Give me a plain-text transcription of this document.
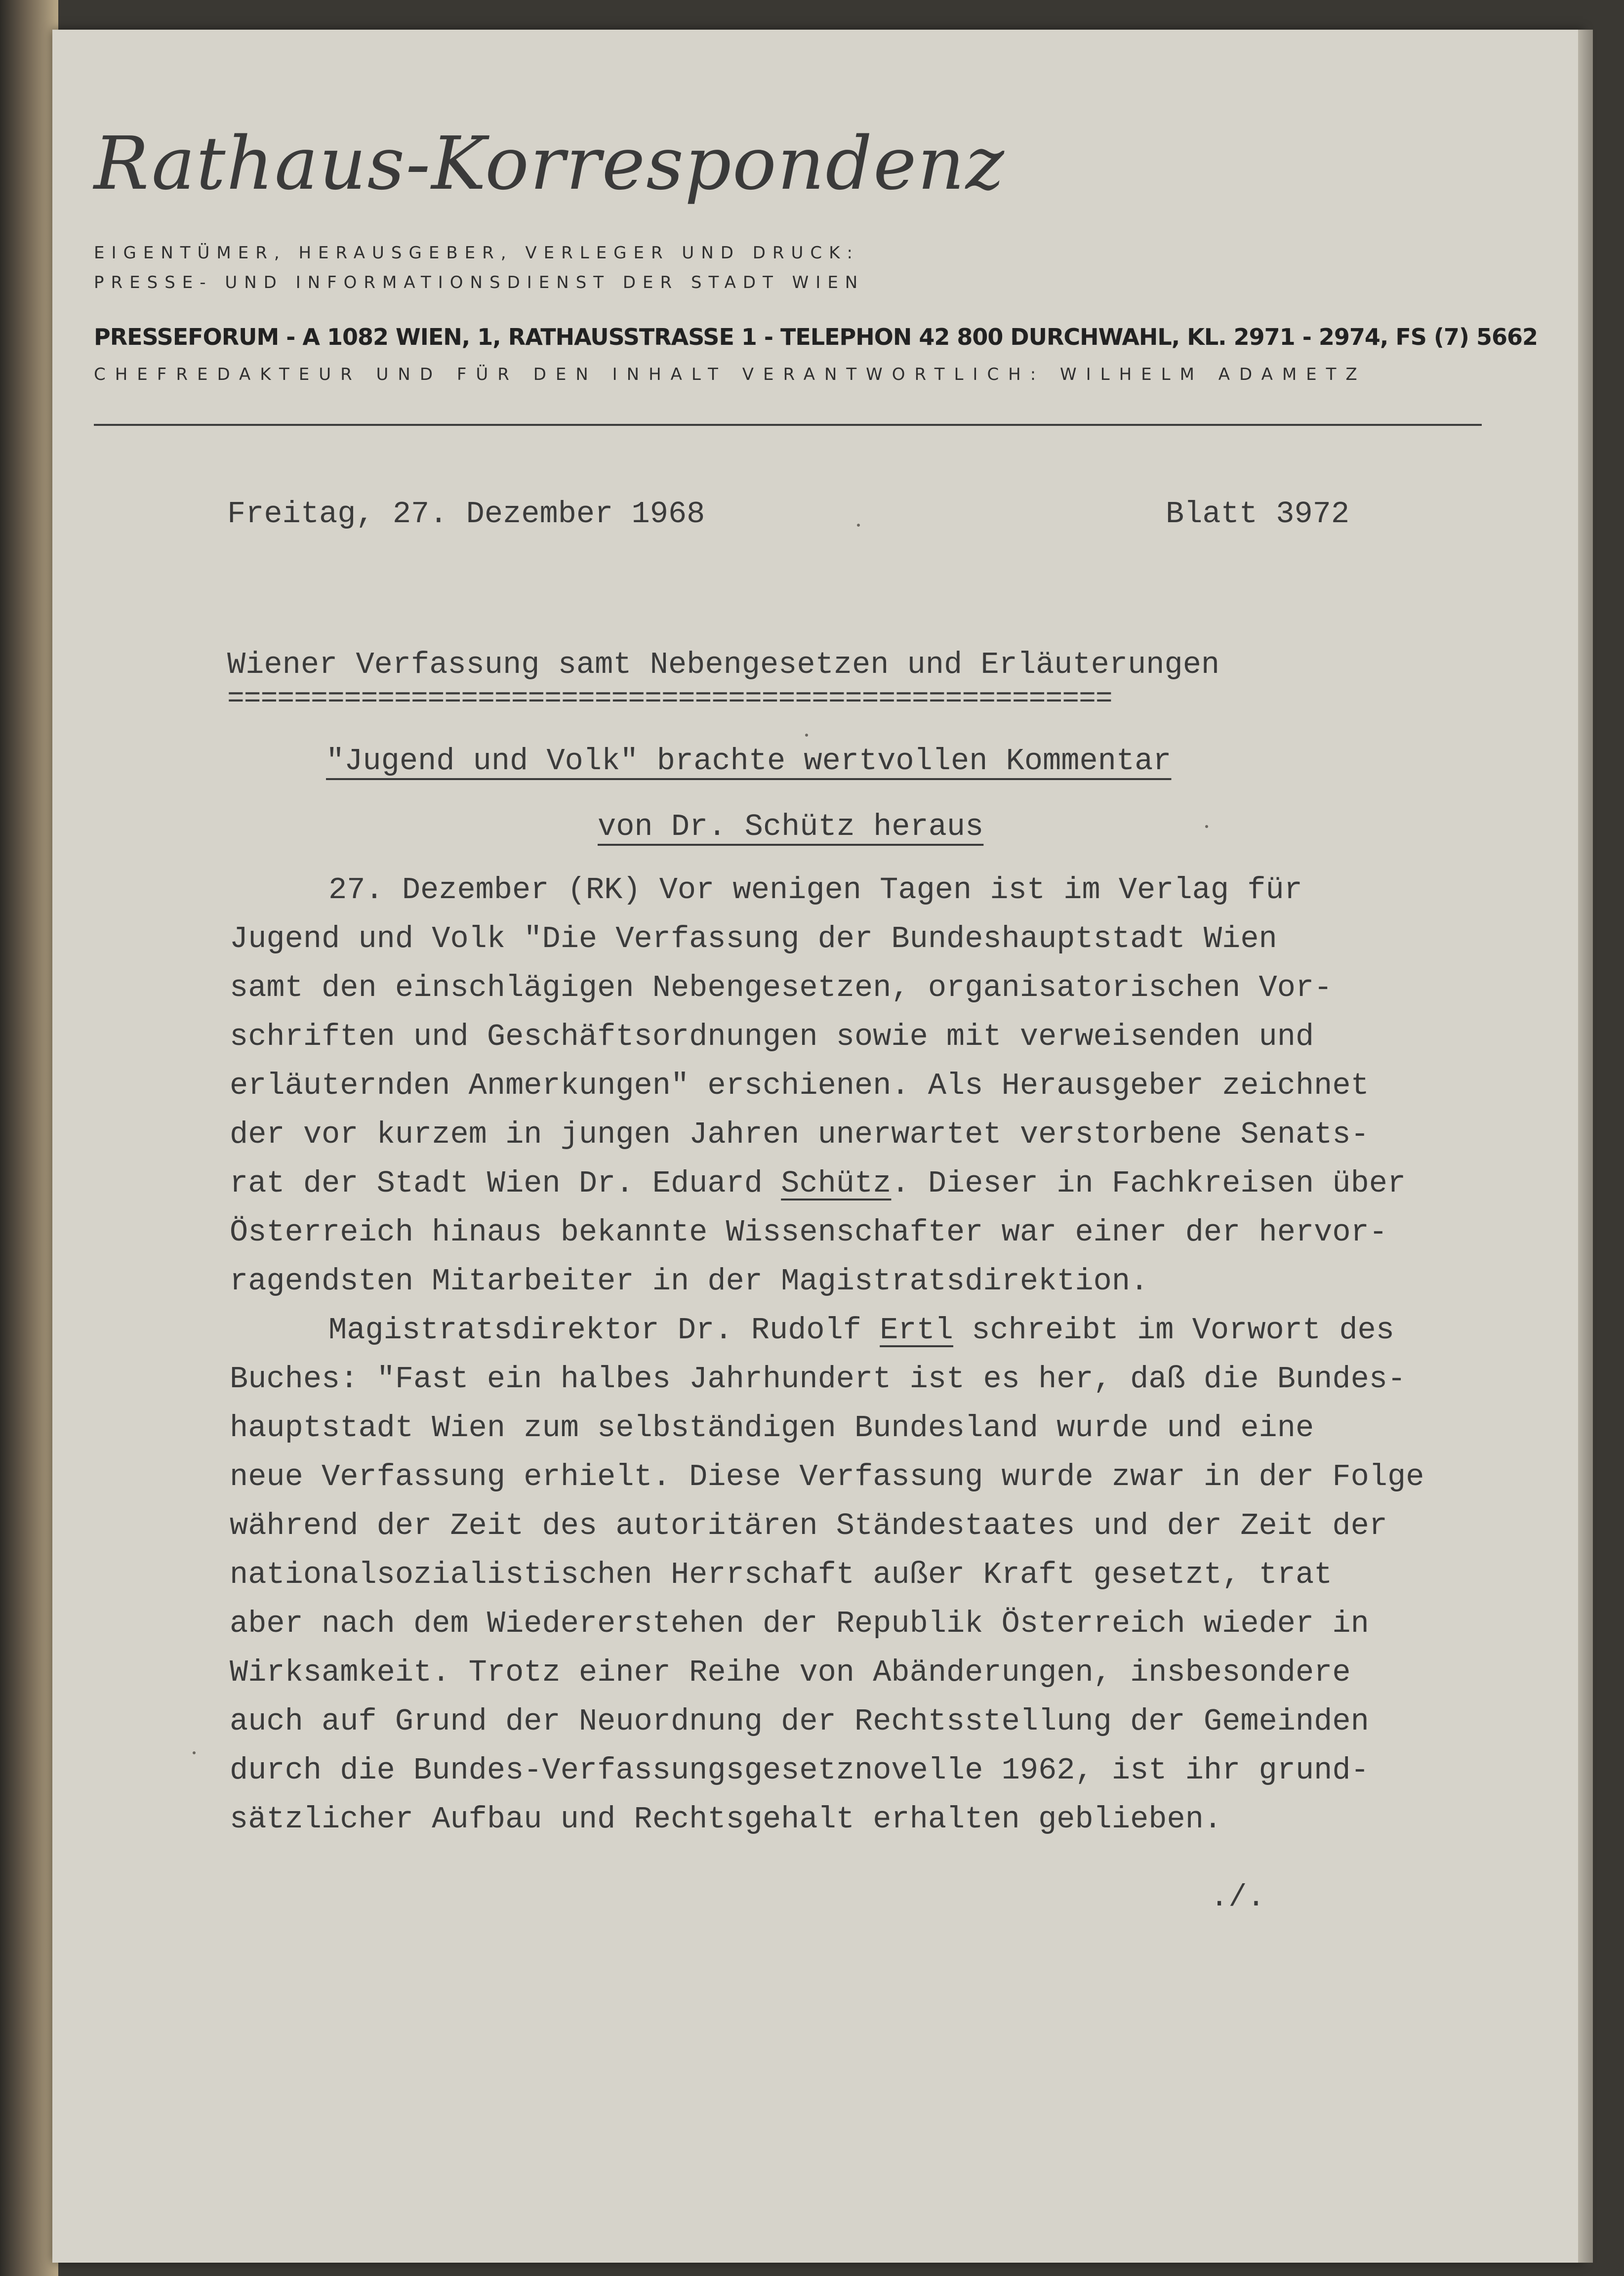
Rathaus-Korrespondenz
EIGENTÜMER, HERAUSGEBER, VERLEGER UND DRUCK:
PRESSE- UND INFORMATIONSDIENST DER STADT WIEN
PRESSEFORUM - A 1082 WIEN, 1, RATHAUSSTRASSE 1 - TELEPHON 42 800 DURCHWAHL, KL. 2971 - 2974, FS (7) 5662
CHEFREDAKTEUR UND FÜR DEN INHALT VERANTWORTLICH: WILHELM ADAMETZ
Freitag, 27. Dezember 1968	Blatt 3972
Wiener Verfassung samt Nebengesetzen und Erläuterungen
=====================================================
"Jugend und Volk" brachte wertvollen Kommentar
von Dr. Schütz heraus
27. Dezember (RK) Vor wenigen Tagen ist im Verlag für
Jugend und Volk "Die Verfassung der Bundeshauptstadt Wien
samt den einschlägigen Nebengesetzen, organisatorischen Vor-
schriften und Geschäftsordnungen sowie mit verweisenden und
erläuternden Anmerkungen" erschienen. Als Herausgeber zeichnet
der vor kurzem in jungen Jahren unerwartet verstorbene Senats-
rat der Stadt Wien Dr. Eduard Schütz. Dieser in Fachkreisen über
Österreich hinaus bekannte Wissenschafter war einer der hervor-
ragendsten Mitarbeiter in der Magistratsdirektion.
Magistratsdirektor Dr. Rudolf Ertl schreibt im Vorwort des
Buches: "Fast ein halbes Jahrhundert ist es her, daß die Bundes-
hauptstadt Wien zum selbständigen Bundesland wurde und eine
neue Verfassung erhielt. Diese Verfassung wurde zwar in der Folge
während der Zeit des autoritären Ständestaates und der Zeit der
nationalsozialistischen Herrschaft außer Kraft gesetzt, trat
aber nach dem Wiedererstehen der Republik Österreich wieder in
Wirksamkeit. Trotz einer Reihe von Abänderungen, insbesondere
auch auf Grund der Neuordnung der Rechtsstellung der Gemeinden
durch die Bundes-Verfassungsgesetznovelle 1962, ist ihr grund-
sätzlicher Aufbau und Rechtsgehalt erhalten geblieben.
./.
